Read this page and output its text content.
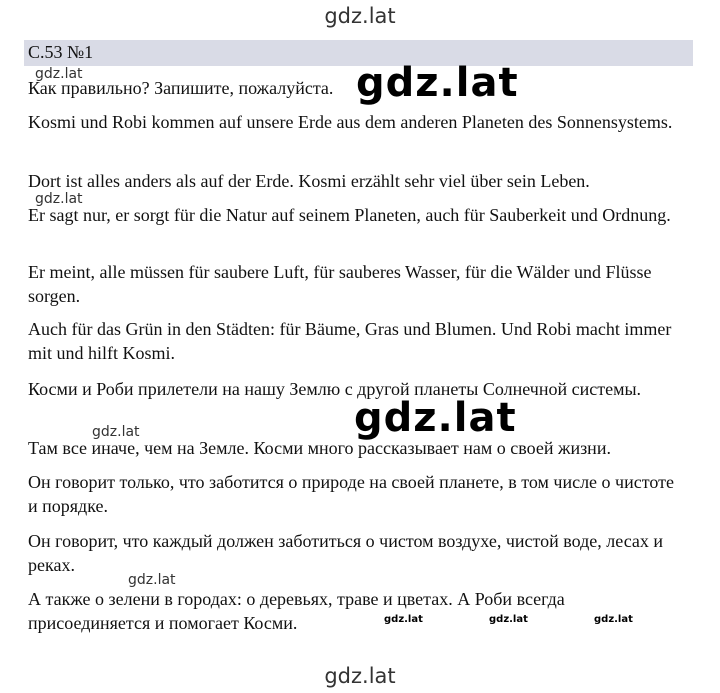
gdz.lat
С.53 №1
Как правильно? Запишите, пожалуйста.
Kosmi und Robi kommen auf unsere Erde aus dem anderen Planeten des Sonnensystems.
Dort ist alles anders als auf der Erde. Kosmi erzählt sehr viel über sein Leben.
Er sagt nur, er sorgt für die Natur auf seinem Planeten, auch für Sauberkeit und Ordnung.
Er meint, alle müssen für saubere Luft, für sauberes Wasser, für die Wälder und Flüsse sorgen.
Auch für das Grün in den Städten: für Bäume, Gras und Blumen. Und Robi macht immer mit und hilft Kosmi.
Косми и Роби прилетели на нашу Землю с другой планеты Солнечной системы.
Там все иначе, чем на Земле. Косми много рассказывает нам о своей жизни.
Он говорит только, что заботится о природе на своей планете, в том числе о чистоте и порядке.
Он говорит, что каждый должен заботиться о чистом воздухе, чистой воде, лесах и реках.
А также о зелени в городах: о деревьях, траве и цветах. А Роби всегда присоединяется и помогает Косми.
gdz.lat
gdz.lat
gdz.lat
gdz.lat
gdz.lat
gdz.lat
gdz.lat	gdz.lat	gdz.lat
gdz.lat
